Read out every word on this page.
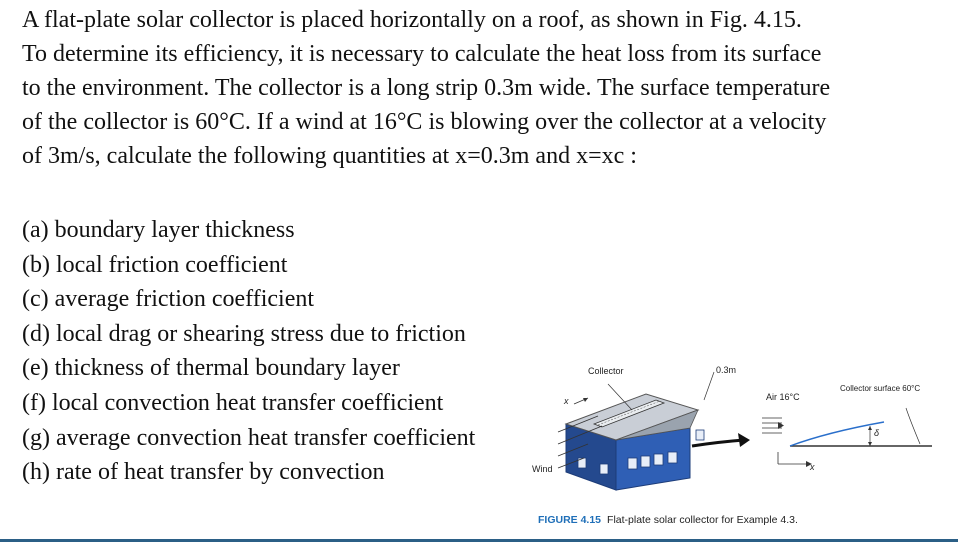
A flat-plate solar collector is placed horizontally on a roof, as shown in Fig. 4.15.

To determine its efficiency, it is necessary to calculate the heat loss from its surface

to the environment. The collector is a long strip 0.3m wide. The surface temperature

of the collector is 60°C. If a wind at 16°C is blowing over the collector at a velocity

of 3m/s, calculate the following quantities at x=0.3m and x=xc :

(a) boundary layer thickness
(b) local friction coefficient
(c) average friction coefficient
(d) local drag or shearing stress due to friction
(e) thickness of thermal boundary layer
(f) local convection heat transfer coefficient
(g) average convection heat transfer coefficient
(h) rate of heat transfer by convection
Collector	0.3m
x
Wind
Air 16°C
Collector surface 60°C
δ
x
FIGURE 4.15 Flat-plate solar collector for Example 4.3.
